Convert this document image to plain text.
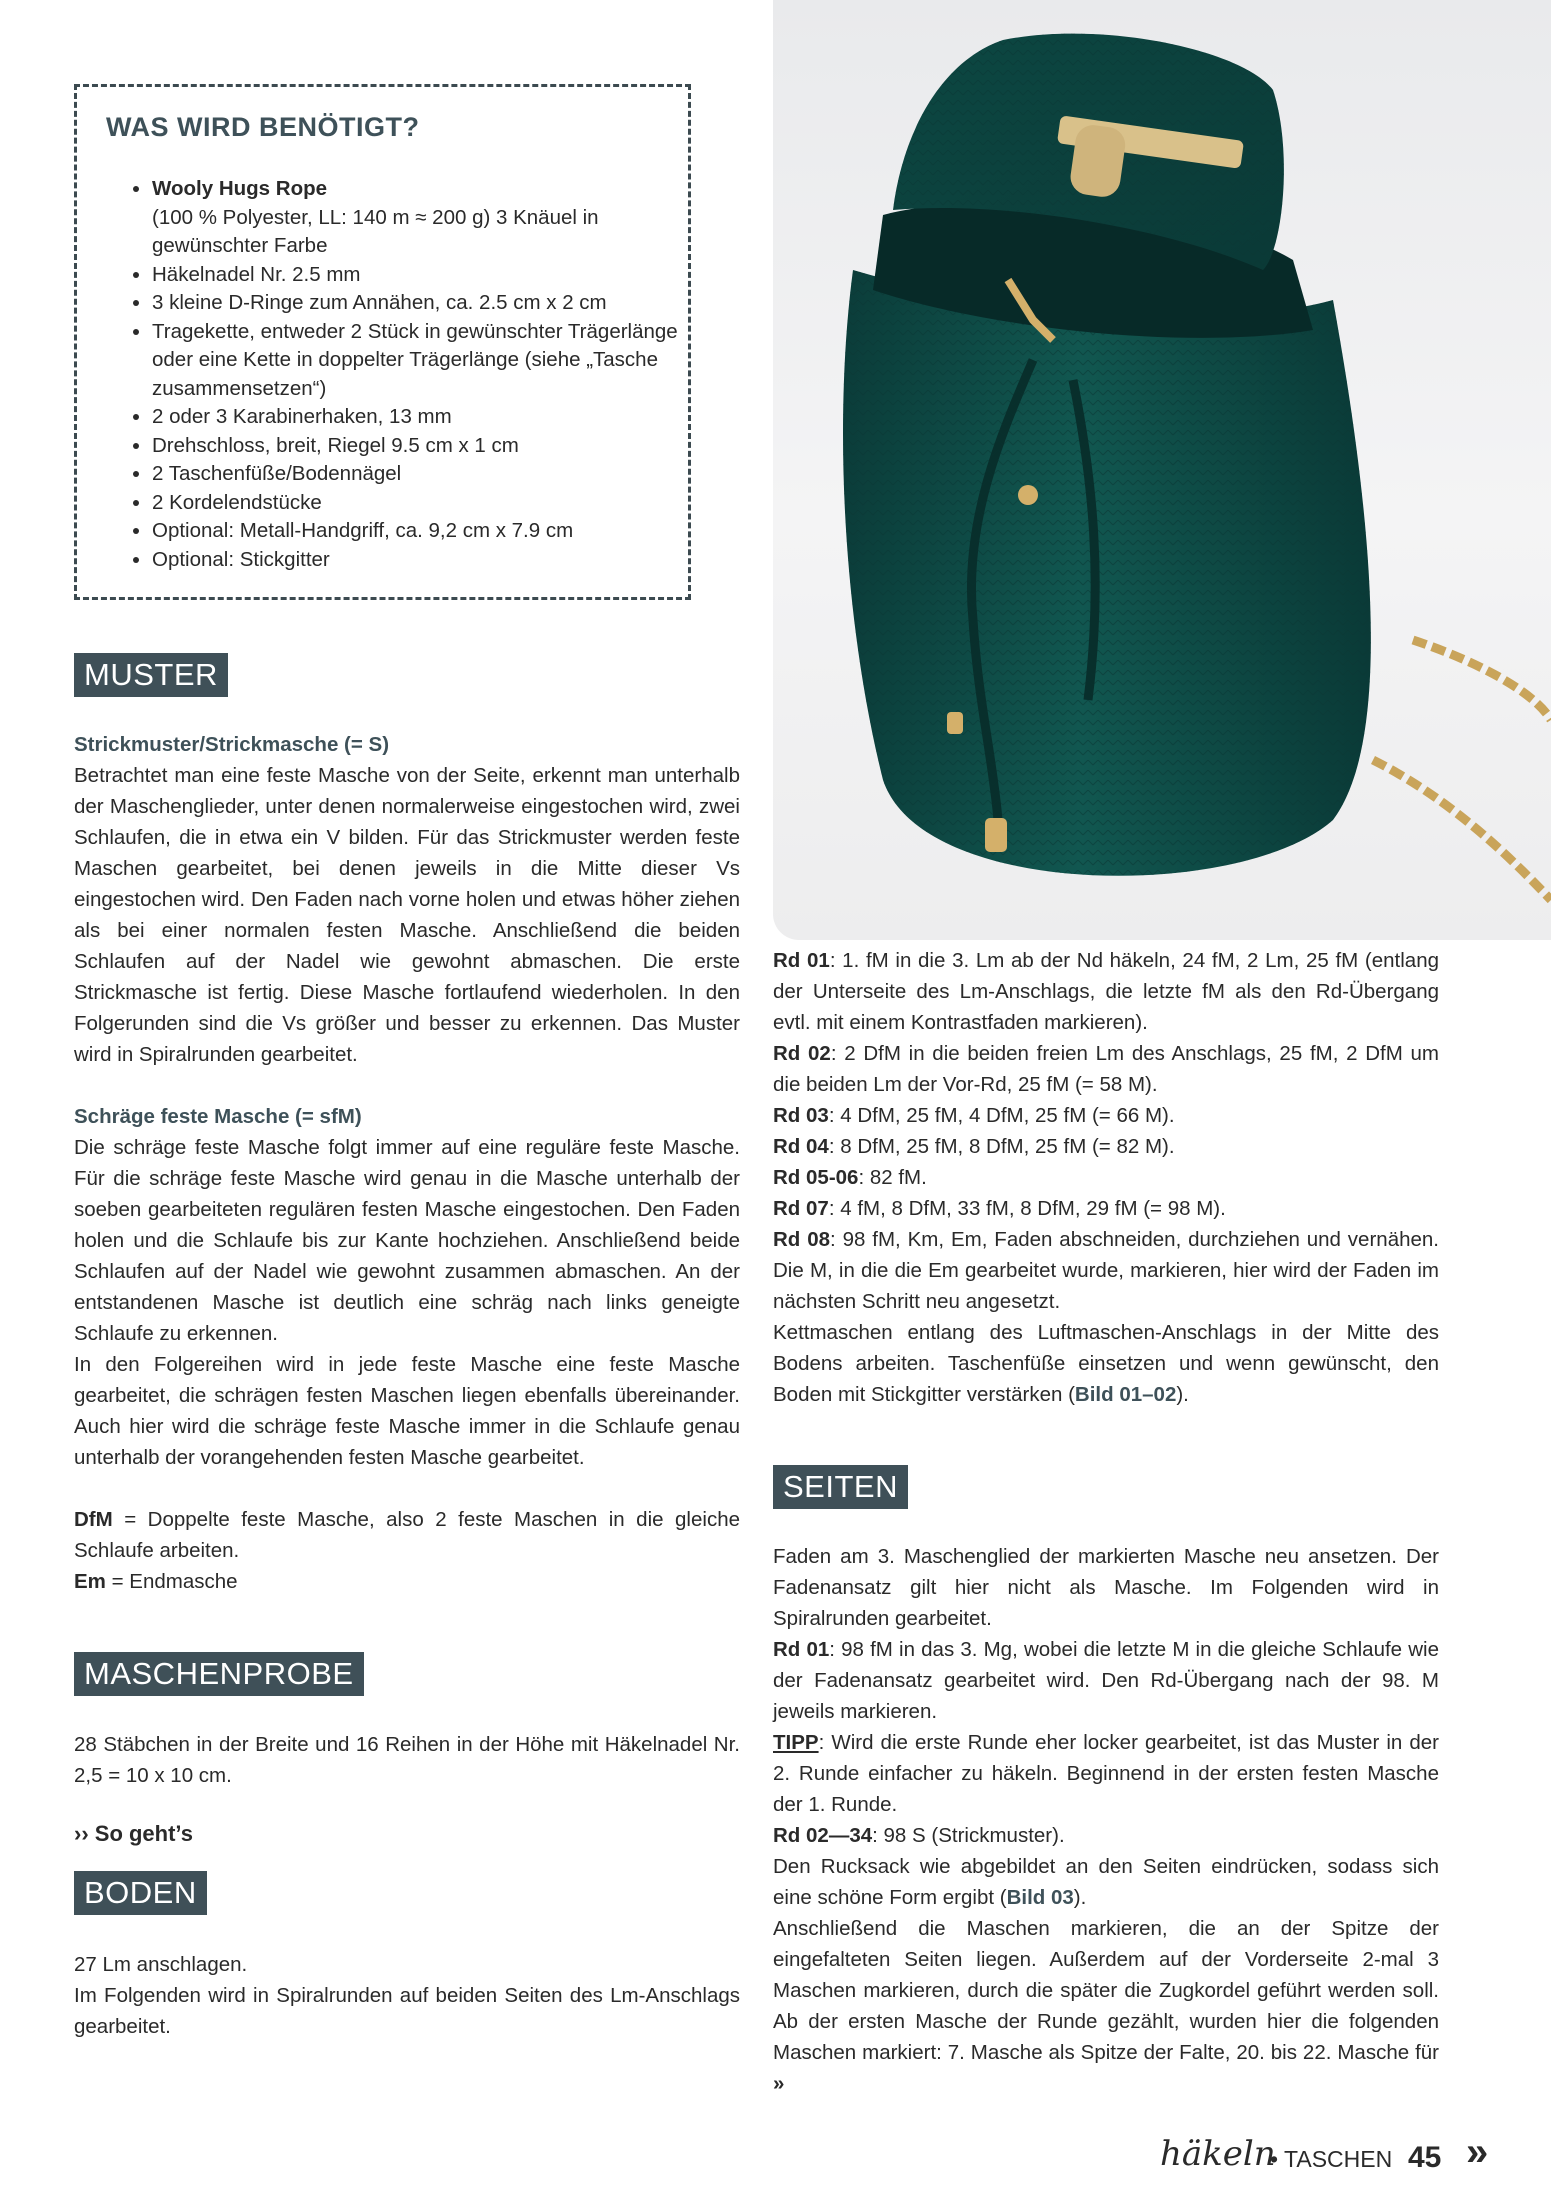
WAS WIRD BENÖTIGT?
• Wooly Hugs Rope
(100 % Polyester, LL: 140 m ≈ 200 g) 3 Knäuel in gewünschter Farbe
• Häkelnadel Nr. 2.5 mm
• 3 kleine D-Ringe zum Annähen, ca. 2.5 cm x 2 cm
• Tragekette, entweder 2 Stück in gewünschter Trägerlänge oder eine Kette in doppelter Trägerlänge (siehe „Tasche zusammensetzen“)
• 2 oder 3 Karabinerhaken, 13 mm
• Drehschloss, breit, Riegel 9.5 cm x 1 cm
• 2 Taschenfüße/Bodennägel
• 2 Kordelendstücke
• Optional: Metall-Handgriff, ca. 9,2 cm x 7.9 cm
• Optional: Stickgitter
MUSTER
Strickmuster/Strickmasche (= S)

Betrachtet man eine feste Masche von der Seite, erkennt man unterhalb der Maschenglieder, unter denen normalerweise eingestochen wird, zwei Schlaufen, die in etwa ein V bilden. Für das Strickmuster werden feste Maschen gearbeitet, bei denen jeweils in die Mitte dieser Vs eingestochen wird. Den Faden nach vorne holen und etwas höher ziehen als bei einer normalen festen Masche. Anschließend die beiden Schlaufen auf der Nadel wie gewohnt abmaschen. Die erste Strickmasche ist fertig. Diese Masche fortlaufend wiederholen. In den Folgerunden sind die Vs größer und besser zu erkennen. Das Muster wird in Spiralrunden gearbeitet.

Schräge feste Masche (= sfM)

Die schräge feste Masche folgt immer auf eine reguläre feste Masche. Für die schräge feste Masche wird genau in die Masche unterhalb der soeben gearbeiteten regulären festen Masche eingestochen. Den Faden holen und die Schlaufe bis zur Kante hochziehen. Anschließend beide Schlaufen auf der Nadel wie gewohnt zusammen abmaschen. An der entstandenen Masche ist deutlich eine schräg nach links geneigte Schlaufe zu erkennen.

In den Folgereihen wird in jede feste Masche eine feste Masche gearbeitet, die schrägen festen Maschen liegen ebenfalls übereinander. Auch hier wird die schräge feste Masche immer in die Schlaufe genau unterhalb der vorangehenden festen Masche gearbeitet.

DfM = Doppelte feste Masche, also 2 feste Maschen in die gleiche Schlaufe arbeiten.

Em = Endmasche

MASCHENPROBE

28 Stäbchen in der Breite und 16 Reihen in der Höhe mit Häkelnadel Nr. 2,5 = 10 x 10 cm.

›› So geht’s
BODEN

27 Lm anschlagen.

Im Folgenden wird in Spiralrunden auf beiden Seiten des Lm-Anschlags gearbeitet.

Rd 01: 1. fM in die 3. Lm ab der Nd häkeln, 24 fM, 2 Lm, 25 fM (entlang der Unterseite des Lm-Anschlags, die letzte fM als den Rd-Übergang evtl. mit einem Kontrastfaden markieren).

Rd 02: 2 DfM in die beiden freien Lm des Anschlags, 25 fM, 2 DfM um die beiden Lm der Vor-Rd, 25 fM (= 58 M).

Rd 03: 4 DfM, 25 fM, 4 DfM, 25 fM (= 66 M).

Rd 04: 8 DfM, 25 fM, 8 DfM, 25 fM (= 82 M).

Rd 05-06: 82 fM.

Rd 07: 4 fM, 8 DfM, 33 fM, 8 DfM, 29 fM (= 98 M).

Rd 08: 98 fM, Km, Em, Faden abschneiden, durchziehen und vernähen. Die M, in die die Em gearbeitet wurde, markieren, hier wird der Faden im nächsten Schritt neu angesetzt.

Kettmaschen entlang des Luftmaschen-Anschlags in der Mitte des Bodens arbeiten. Taschenfüße einsetzen und wenn gewünscht, den Boden mit Stickgitter verstärken (Bild 01–02).

SEITEN

Faden am 3. Maschenglied der markierten Masche neu ansetzen. Der Fadenansatz gilt hier nicht als Masche. Im Folgenden wird in Spiralrunden gearbeitet.

Rd 01: 98 fM in das 3. Mg, wobei die letzte M in die gleiche Schlaufe wie der Fadenansatz gearbeitet wird. Den Rd-Übergang nach der 98. M jeweils markieren.

TIPP: Wird die erste Runde eher locker gearbeitet, ist das Muster in der 2. Runde einfacher zu häkeln. Beginnend in der ersten festen Masche der 1. Runde.

Rd 02—34: 98 S (Strickmuster).

Den Rucksack wie abgebildet an den Seiten eindrücken, sodass sich eine schöne Form ergibt (Bild 03).

Anschließend die Maschen markieren, die an der Spitze der eingefalteten Seiten liegen. Außerdem auf der Vorderseite 2-mal 3 Maschen markieren, durch die später die Zugkordel geführt werden soll. Ab der ersten Masche der Runde gezählt, wurden hier die folgenden Maschen markiert: 7. Masche als Spitze der Falte, 20. bis 22. Masche für »

häkeln
• TASCHEN 45 »
